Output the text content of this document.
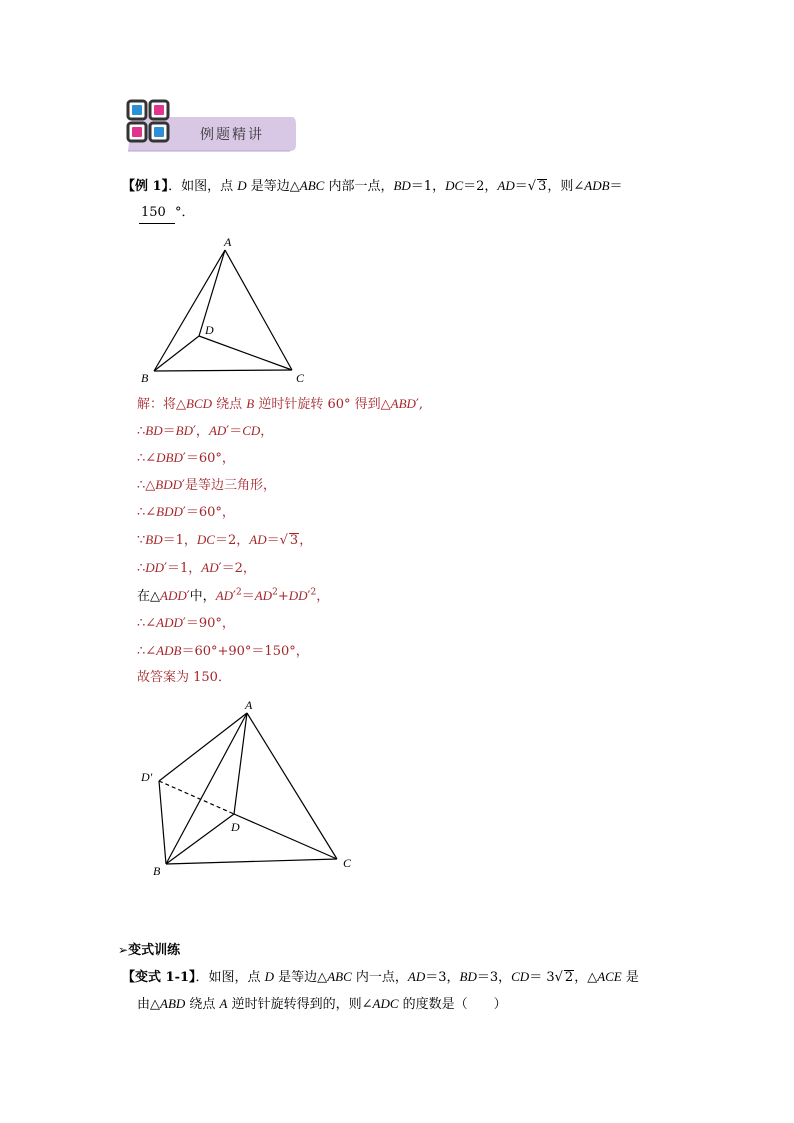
例题精讲
【例 1】．如图，点 D 是等边△ABC 内部一点，BD＝1，DC＝2，AD＝√ 3，则∠ADB＝
150 °．
A
B	C
D
解：将△BCD 绕点 B 逆时针旋转 60° 得到△ABD′,
∴BD＝BD′，AD′＝CD，
∴∠DBD′＝60°，
∴△BDD′是等边三角形，
∴∠BDD′＝60°，
∵BD＝1，DC＝2，AD＝√ 3，
∴DD′＝1，AD′＝2，
在△ADD′中，$AD'^2=AD^2+DD'^2$，
∴∠ADD′＝90°，
∴∠ADB＝60°+90°＝150°，
故答案为 150．
A
B
C
D
D′
➢变式训练
【变式 1-1】．如图，点 D 是等边△ABC 内一点，AD＝3，BD＝3，CD＝ 3√ 2，△ACE 是
由△ABD 绕点 A 逆时针旋转得到的，则∠ADC 的度数是（　　）
